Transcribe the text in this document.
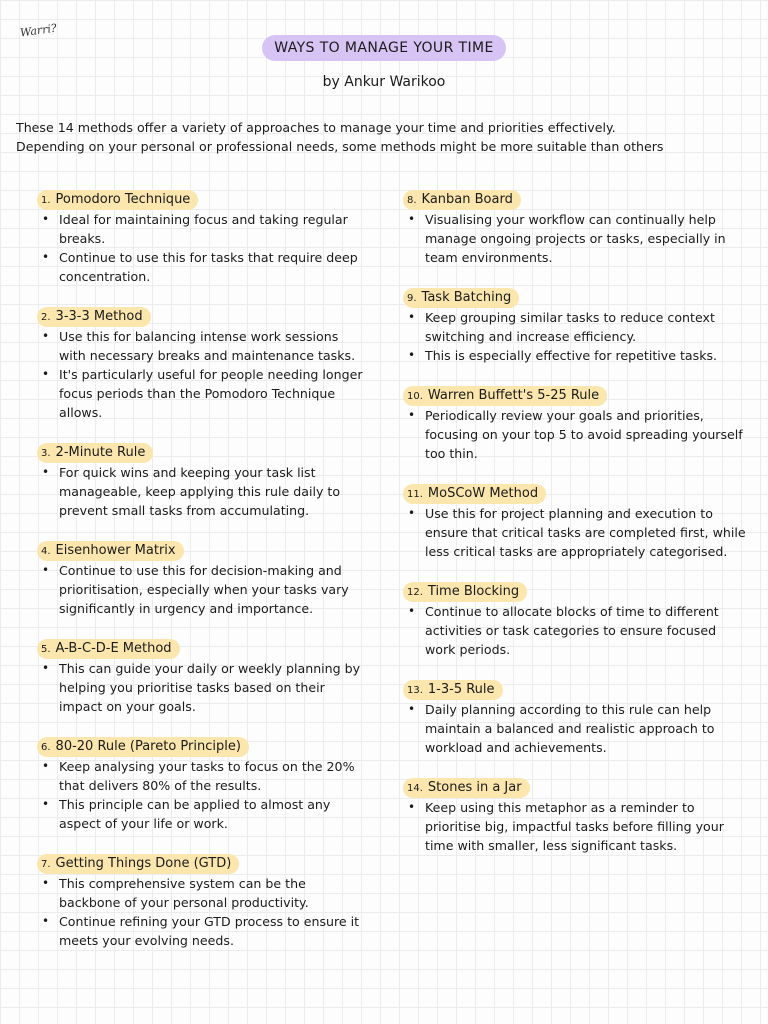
Warri?
WAYS TO MANAGE YOUR TIME
by Ankur Warikoo
These 14 methods offer a variety of approaches to manage your time and priorities effectively.
Depending on your personal or professional needs, some methods might be more suitable than others
1. Pomodoro Technique
• Ideal for maintaining focus and taking regular breaks.
• Continue to use this for tasks that require deep concentration.
2. 3-3-3 Method
• Use this for balancing intense work sessions with necessary breaks and maintenance tasks.
• It's particularly useful for people needing longer focus periods than the Pomodoro Technique allows.
3. 2-Minute Rule
• For quick wins and keeping your task list manageable, keep applying this rule daily to prevent small tasks from accumulating.
4. Eisenhower Matrix
• Continue to use this for decision-making and prioritisation, especially when your tasks vary significantly in urgency and importance.
5. A-B-C-D-E Method
• This can guide your daily or weekly planning by helping you prioritise tasks based on their impact on your goals.
6. 80-20 Rule (Pareto Principle)
• Keep analysing your tasks to focus on the 20% that delivers 80% of the results.
• This principle can be applied to almost any aspect of your life or work.
7. Getting Things Done (GTD)
• This comprehensive system can be the backbone of your personal productivity.
• Continue refining your GTD process to ensure it meets your evolving needs.
8. Kanban Board
• Visualising your workflow can continually help manage ongoing projects or tasks, especially in team environments.
9. Task Batching
• Keep grouping similar tasks to reduce context switching and increase efficiency.
• This is especially effective for repetitive tasks.
10. Warren Buffett's 5-25 Rule
• Periodically review your goals and priorities, focusing on your top 5 to avoid spreading yourself too thin.
11. MoSCoW Method
• Use this for project planning and execution to ensure that critical tasks are completed first, while less critical tasks are appropriately categorised.
12. Time Blocking
• Continue to allocate blocks of time to different activities or task categories to ensure focused work periods.
13. 1-3-5 Rule
• Daily planning according to this rule can help maintain a balanced and realistic approach to workload and achievements.
14. Stones in a Jar
• Keep using this metaphor as a reminder to prioritise big, impactful tasks before filling your time with smaller, less significant tasks.
